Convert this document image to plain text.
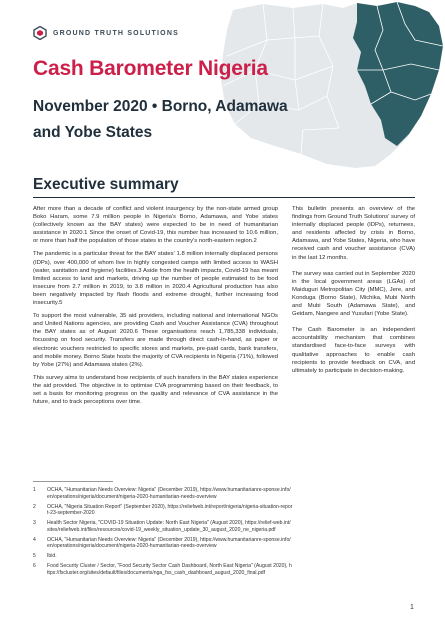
GROUND TRUTH SOLUTIONS
Cash Barometer Nigeria
November 2020 • Borno, Adamawa and Yobe States
Executive summary

After more than a decade of conflict and violent insurgency by the non-state armed group Boko Haram, some 7.9 million people in Nigeria's Borno, Adamawa, and Yobe states (collectively known as the BAY states) were expected to be in need of humanitarian assistance in 2020.1 Since the onset of Covid-19, this number has increased to 10.6 million, or more than half the population of those states in the country's north-eastern region.2

The pandemic is a particular threat for the BAY states' 1.8 million internally displaced persons (IDPs), over 400,000 of whom live in highly congested camps with limited access to WASH (water, sanitation and hygiene) facilities.3 Aside from the health impacts, Covid-19 has meant limited access to land and markets, driving up the number of people estimated to be food insecure from 2.7 million in 2019, to 3.8 million in 2020.4 Agricultural production has also been negatively impacted by flash floods and extreme drought, further increasing food insecurity.5

To support the most vulnerable, 35 aid providers, including national and international NGOs and United Nations agencies, are providing Cash and Voucher Assistance (CVA) throughout the BAY states as of August 2020.6 These organisations reach 1,785,338 individuals, focussing on food security. Transfers are made through direct cash-in-hand, as paper or electronic vouchers restricted to specific stores and markets, pre-paid cards, bank transfers, and mobile money. Borno State hosts the majority of CVA recipients in Nigeria (71%), followed by Yobe (27%) and Adamawa states (2%).

This survey aims to understand how recipients of such transfers in the BAY states experience the aid provided. The objective is to optimise CVA programming based on their feedback, to set a basis for monitoring progress on the quality and relevance of CVA assistance in the future, and to track perceptions over time.

This bulletin presents an overview of the findings from Ground Truth Solutions' survey of internally displaced people (IDPs), returnees, and residents affected by crisis in Borno, Adamawa, and Yobe States, Nigeria, who have received cash and voucher assistance (CVA) in the last 12 months.

The survey was carried out in September 2020 in the local government areas (LGAs) of Maiduguri Metropolitan City (MMC), Jere, and Konduga (Borno State), Michika, Mubi North and Mubi South (Adamawa State), and Geidam, Nangere and Yusufari (Yobe State).

The Cash Barometer is an independent accountability mechanism that combines standardised face-to-face surveys with qualitative approaches to enable cash recipients to provide feedback on CVA, and ultimately to participate in decision-making.

1	OCHA, "Humanitarian Needs Overview: Nigeria" (December 2019), https://www.humanitarianre-sponse.info/en/operations/nigeria/document/nigeria-2020-humanitarian-needs-overview
2	OCHA, "Nigeria Situation Report" (September 2020), https://reliefweb.int/report/nigeria/nigeria-situation-report-23-september-2020
3	Health Sector Nigeria, "COVID-19 Situation Update: North East Nigeria" (August 2020), https://relief-web.int/sites/reliefweb.int/files/resources/covid-19_weekly_situation_update_30_august_2020_ne_nigeria.pdf
4	OCHA, "Humanitarian Needs Overview: Nigeria" (December 2019), https://www.humanitarianre-sponse.info/en/operations/nigeria/document/nigeria-2020-humanitarian-needs-overview
5	Ibid.
6	Food Security Cluster / Sector, "Food Security Sector Cash Dashboard, North East Nigeria" (August 2020), https://fscluster.org/sites/default/files/documents/nga_fss_cash_dashboard_august_2020_final.pdf
1
